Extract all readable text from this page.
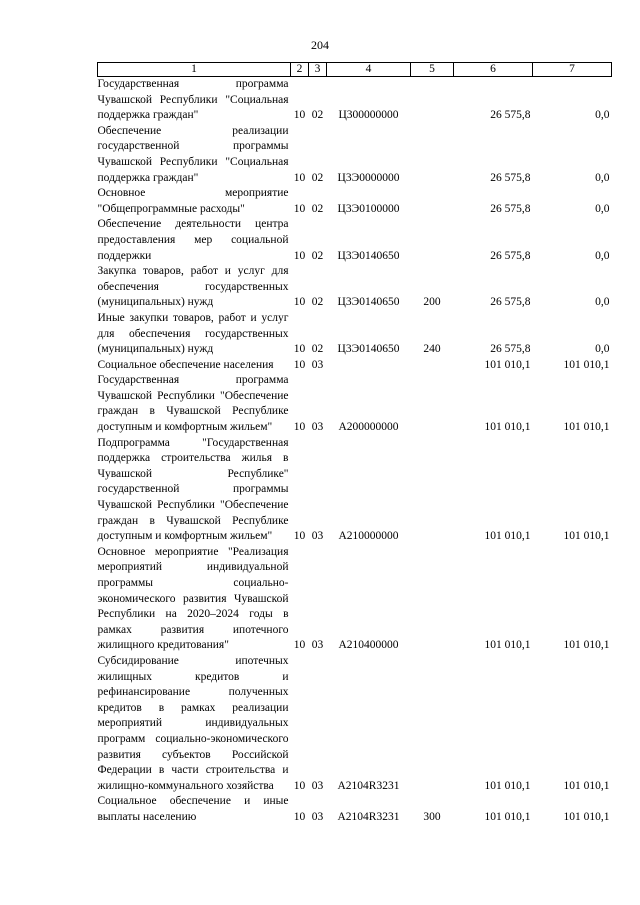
204
1	2	3	4	5	6	7

Государственная программа Чувашской Республики "Социальная поддержка граждан"	10	02	Ц300000000		26 575,8	0,0

Обеспечение реализации государственной программы Чувашской Республики "Социальная поддержка граждан"	10	02	Ц3Э0000000		26 575,8	0,0

Основное мероприятие "Общепрограммные расходы"	10	02	Ц3Э0100000		26 575,8	0,0

Обеспечение деятельности центра предоставления мер социальной поддержки	10	02	Ц3Э0140650		26 575,8	0,0

Закупка товаров, работ и услуг для обеспечения государственных (муниципальных) нужд	10	02	Ц3Э0140650	200	26 575,8	0,0

Иные закупки товаров, работ и услуг для обеспечения государственных (муниципальных) нужд	10	02	Ц3Э0140650	240	26 575,8	0,0

Социальное обеспечение населения	10	03			101 010,1	101 010,1

Государственная программа Чувашской Республики "Обеспечение граждан в Чувашской Республике доступным и комфортным жильем"	10	03	А200000000		101 010,1	101 010,1

Подпрограмма "Государственная поддержка строительства жилья в Чувашской Республике" государственной программы Чувашской Республики "Обеспечение граждан в Чувашской Республике доступным и комфортным жильем"	10	03	А210000000		101 010,1	101 010,1

Основное мероприятие "Реализация мероприятий индивидуальной программы социально-экономического развития Чувашской Республики на 2020–2024 годы в рамках развития ипотечного жилищного кредитования"	10	03	А210400000		101 010,1	101 010,1

Субсидирование ипотечных жилищных кредитов и рефинансирование полученных кредитов в рамках реализации мероприятий индивидуальных программ социально-экономического развития субъектов Российской Федерации в части строительства и жилищно-коммунального хозяйства	10	03	А2104R3231		101 010,1	101 010,1

Социальное обеспечение и иные выплаты населению	10	03	А2104R3231	300	101 010,1	101 010,1
